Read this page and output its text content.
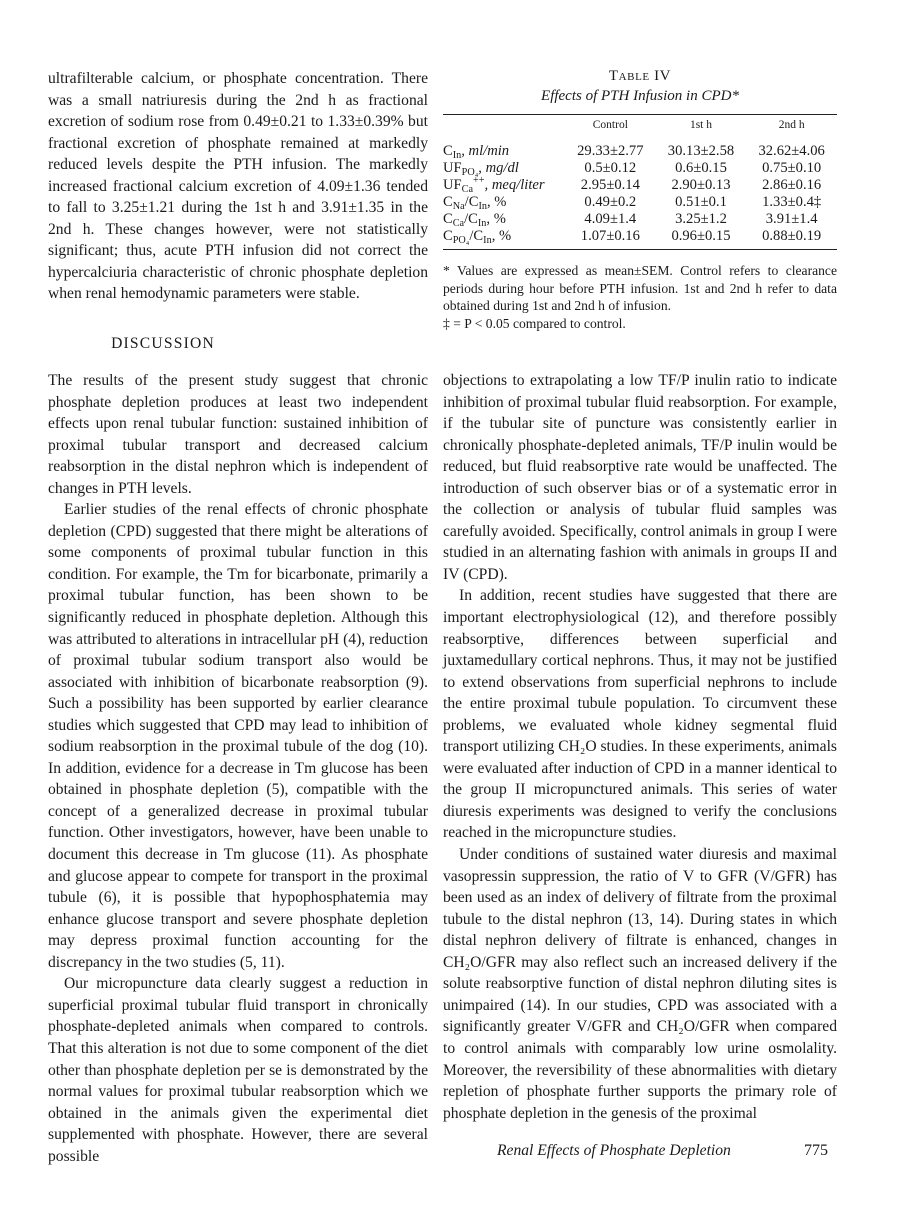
ultrafilterable calcium, or phosphate concentration. There was a small natriuresis during the 2nd h as fractional excretion of sodium rose from 0.49±0.21 to 1.33±0.39% but fractional excretion of phosphate remained at markedly reduced levels despite the PTH infusion. The markedly increased fractional calcium excretion of 4.09±1.36 tended to fall to 3.25±1.21 during the 1st h and 3.91±1.35 in the 2nd h. These changes however, were not statistically significant; thus, acute PTH infusion did not correct the hypercalciuria characteristic of chronic phosphate depletion when renal hemodynamic parameters were stable.

DISCUSSION

The results of the present study suggest that chronic phosphate depletion produces at least two independent effects upon renal tubular function: sustained inhibition of proximal tubular transport and decreased calcium reabsorption in the distal nephron which is independent of changes in PTH levels.

Earlier studies of the renal effects of chronic phosphate depletion (CPD) suggested that there might be alterations of some components of proximal tubular function in this condition. For example, the Tm for bicarbonate, primarily a proximal tubular function, has been shown to be significantly reduced in phosphate depletion. Although this was attributed to alterations in intracellular pH (4), reduction of proximal tubular sodium transport also would be associated with inhibition of bicarbonate reabsorption (9). Such a possibility has been supported by earlier clearance studies which suggested that CPD may lead to inhibition of sodium reabsorption in the proximal tubule of the dog (10). In addition, evidence for a decrease in Tm glucose has been obtained in phosphate depletion (5), compatible with the concept of a generalized decrease in proximal tubular function. Other investigators, however, have been unable to document this decrease in Tm glucose (11). As phosphate and glucose appear to compete for transport in the proximal tubule (6), it is possible that hypophosphatemia may enhance glucose transport and severe phosphate depletion may depress proximal function accounting for the discrepancy in the two studies (5, 11).

Our micropuncture data clearly suggest a reduction in superficial proximal tubular fluid transport in chronically phosphate-depleted animals when compared to controls. That this alteration is not due to some component of the diet other than phosphate depletion per se is demonstrated by the normal values for proximal tubular reabsorption which we obtained in the animals given the experimental diet supplemented with phosphate. However, there are several possible

Table IV
Effects of PTH Infusion in CPD*
	Control	1st h	2nd h
$C_{In}$, ml/min	29.33±2.77	30.13±2.58	32.62±4.06
$UF_{PO_4}$, mg/dl	0.5±0.12	0.6±0.15	0.75±0.10
$UF_{Ca}^{++}$, meq/liter	2.95±0.14	2.90±0.13	2.86±0.16
$C_{Na}/C_{In}$, %	0.49±0.2	0.51±0.1	1.33±0.4‡
$C_{Ca}/C_{In}$, %	4.09±1.4	3.25±1.2	3.91±1.4
$C_{PO_4}/C_{In}$, %	1.07±0.16	0.96±0.15	0.88±0.19

* Values are expressed as mean±SEM. Control refers to clearance periods during hour before PTH infusion. 1st and 2nd h refer to data obtained during 1st and 2nd h of infusion.

‡ = P < 0.05 compared to control.

objections to extrapolating a low TF/P inulin ratio to indicate inhibition of proximal tubular fluid reabsorption. For example, if the tubular site of puncture was consistently earlier in chronically phosphate-depleted animals, TF/P inulin would be reduced, but fluid reabsorptive rate would be unaffected. The introduction of such observer bias or of a systematic error in the collection or analysis of tubular fluid samples was carefully avoided. Specifically, control animals in group I were studied in an alternating fashion with animals in groups II and IV (CPD).

In addition, recent studies have suggested that there are important electrophysiological (12), and therefore possibly reabsorptive, differences between superficial and juxtamedullary cortical nephrons. Thus, it may not be justified to extend observations from superficial nephrons to include the entire proximal tubule population. To circumvent these problems, we evaluated whole kidney segmental fluid transport utilizing CH₂O studies. In these experiments, animals were evaluated after induction of CPD in a manner identical to the group II micropunctured animals. This series of water diuresis experiments was designed to verify the conclusions reached in the micropuncture studies.

Under conditions of sustained water diuresis and maximal vasopressin suppression, the ratio of V to GFR (V/GFR) has been used as an index of delivery of filtrate from the proximal tubule to the distal nephron (13, 14). During states in which distal nephron delivery of filtrate is enhanced, changes in CH₂O/GFR may also reflect such an increased delivery if the solute reabsorptive function of distal nephron diluting sites is unimpaired (14). In our studies, CPD was associated with a significantly greater V/GFR and CH₂O/GFR when compared to control animals with comparably low urine osmolality. Moreover, the reversibility of these abnormalities with dietary repletion of phosphate further supports the primary role of phosphate depletion in the genesis of the proximal

Renal Effects of Phosphate Depletion	775
